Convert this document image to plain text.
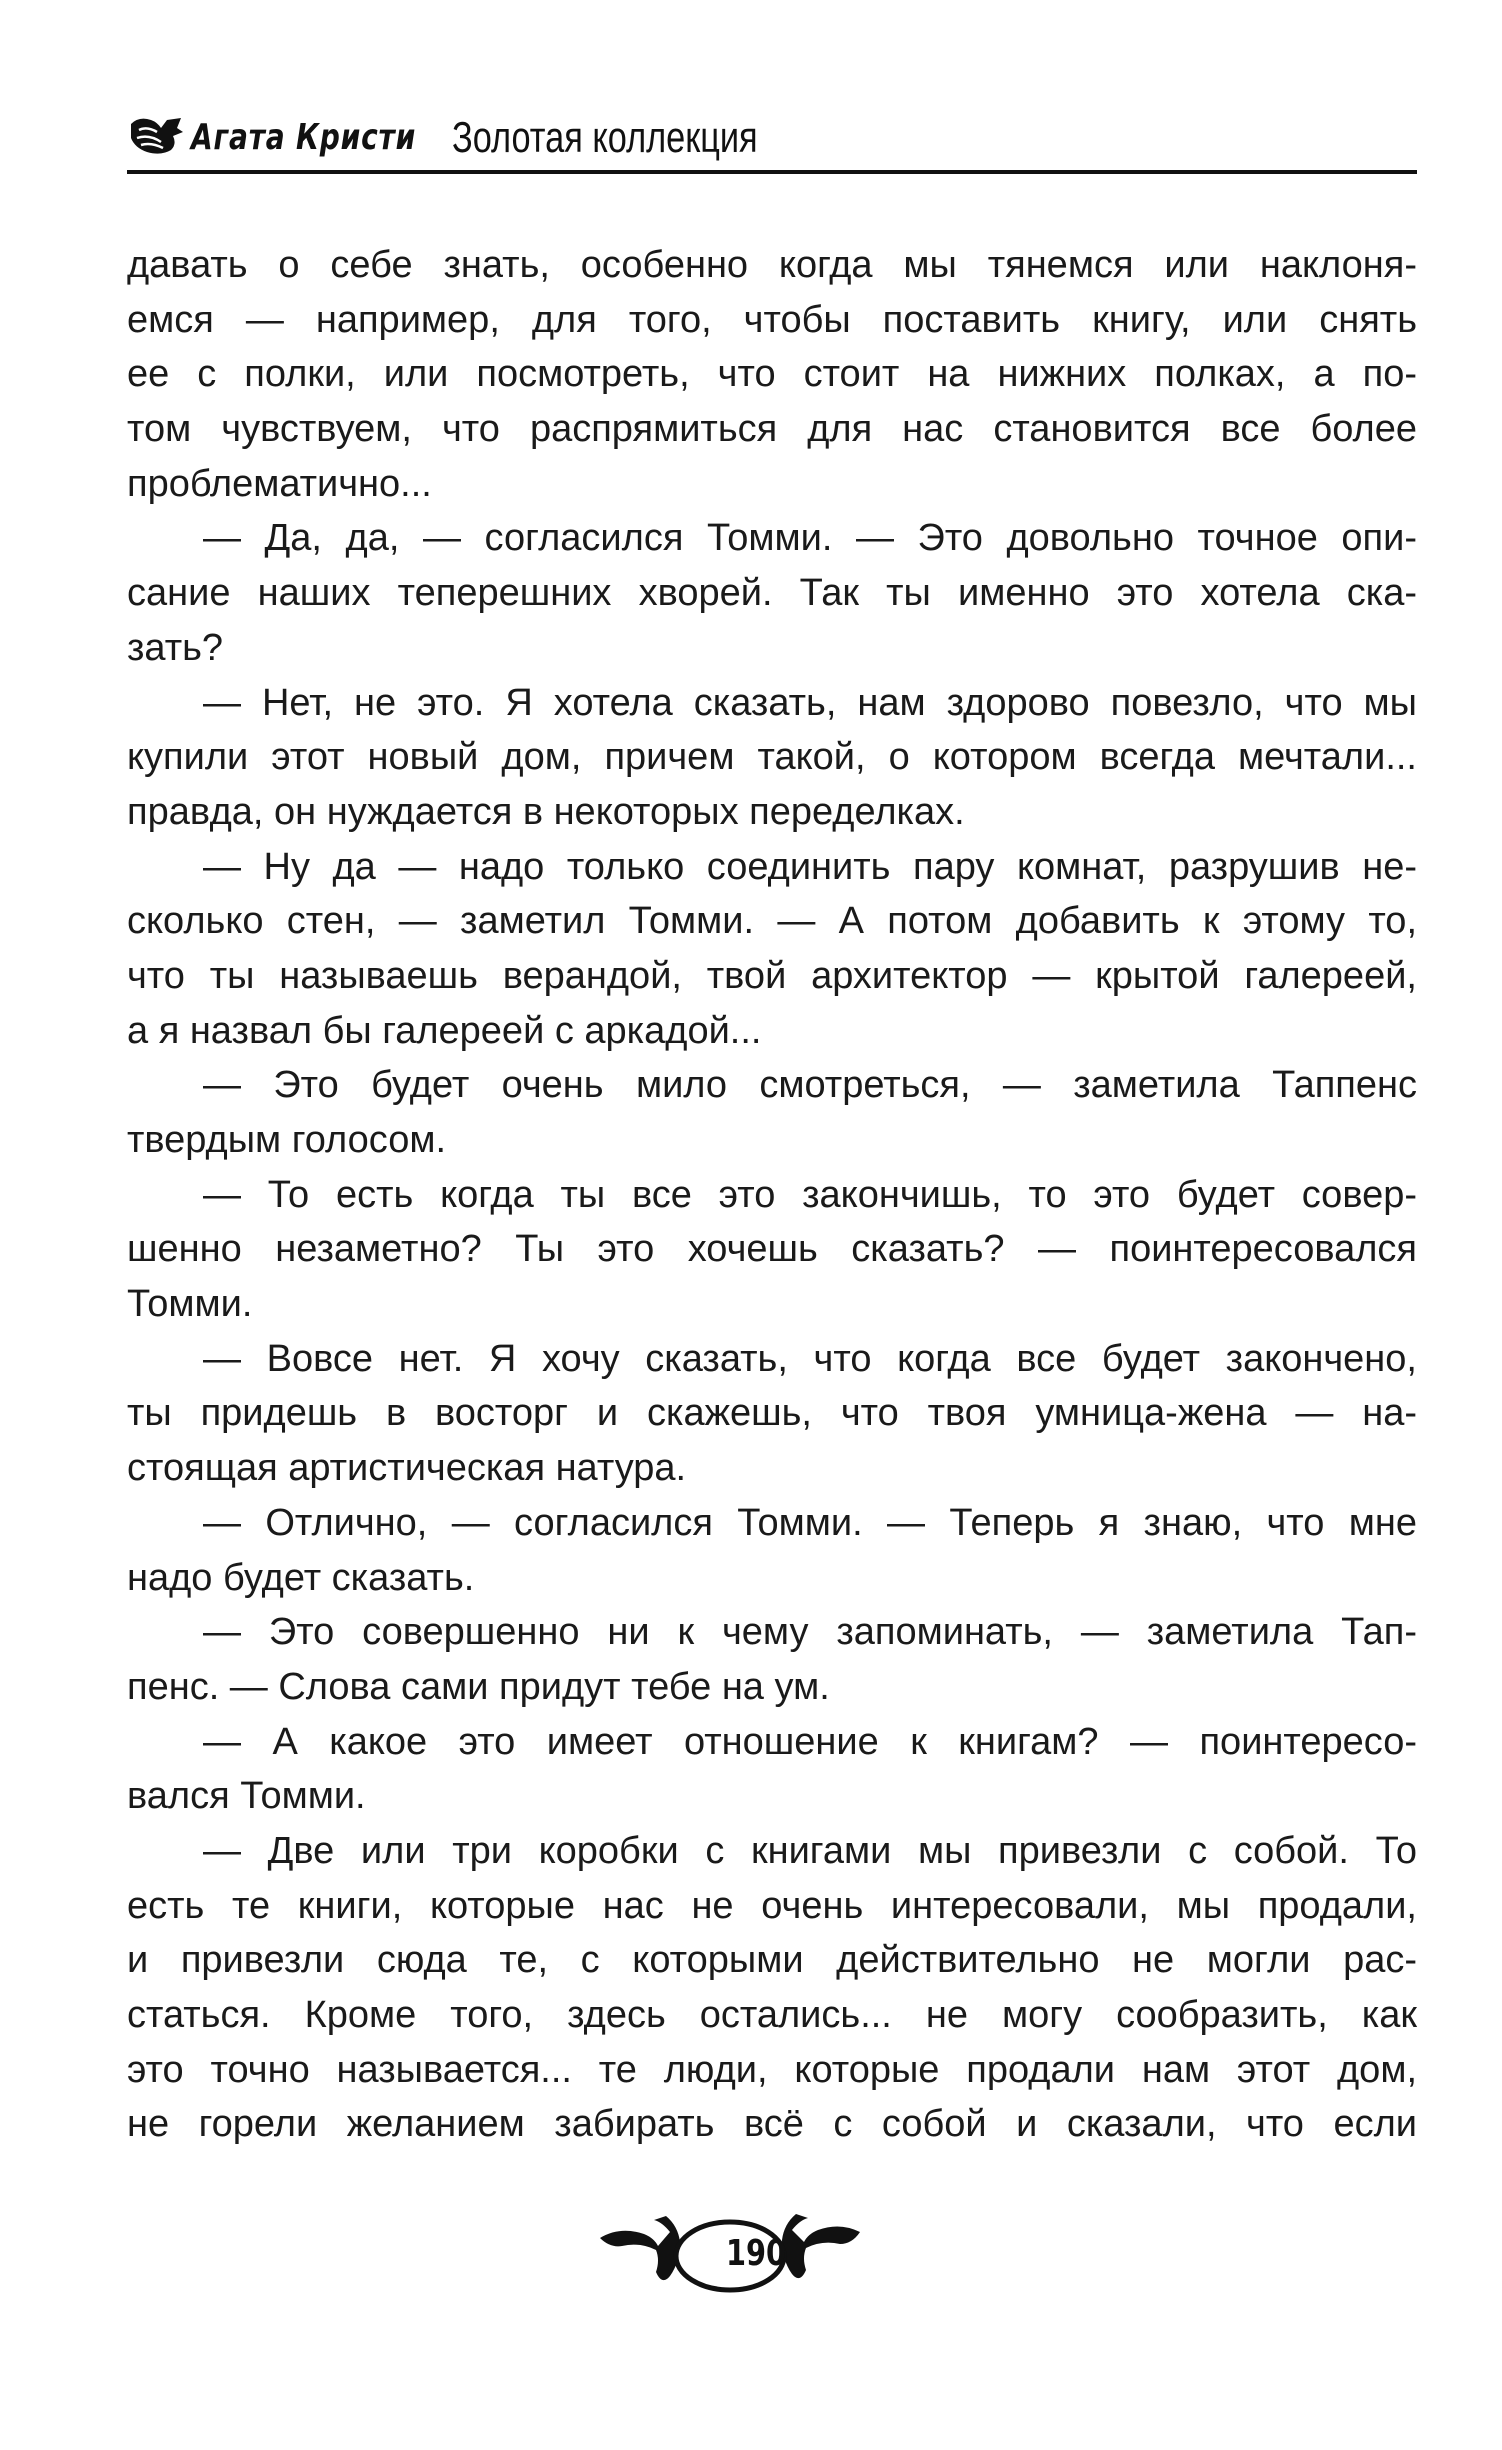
Агата Кристи Золотая коллекция
давать о себе знать, особенно когда мы тянемся или наклоня-
емся — например, для того, чтобы поставить книгу, или снять
ее с полки, или посмотреть, что стоит на нижних полках, а по-
том чувствуем, что распрямиться для нас становится все более
проблематично...
— Да, да, — согласился Томми. — Это довольно точное опи-
сание наших теперешних хворей. Так ты именно это хотела ска-
зать?
— Нет, не это. Я хотела сказать, нам здорово повезло, что мы
купили этот новый дом, причем такой, о котором всегда мечтали...
правда, он нуждается в некоторых переделках.
— Ну да — надо только соединить пару комнат, разрушив не-
сколько стен, — заметил Томми. — А потом добавить к этому то,
что ты называешь верандой, твой архитектор — крытой галереей,
а я назвал бы галереей с аркадой...
— Это будет очень мило смотреться, — заметила Таппенс
твердым голосом.
— То есть когда ты все это закончишь, то это будет совер-
шенно незаметно? Ты это хочешь сказать? — поинтересовался
Томми.
— Вовсе нет. Я хочу сказать, что когда все будет закончено,
ты придешь в восторг и скажешь, что твоя умница-жена — на-
стоящая артистическая натура.
— Отлично, — согласился Томми. — Теперь я знаю, что мне
надо будет сказать.
— Это совершенно ни к чему запоминать, — заметила Тап-
пенс. — Слова сами придут тебе на ум.
— А какое это имеет отношение к книгам? — поинтересо-
вался Томми.
— Две или три коробки с книгами мы привезли с собой. То
есть те книги, которые нас не очень интересовали, мы продали,
и привезли сюда те, с которыми действительно не могли рас-
статься. Кроме того, здесь остались... не могу сообразить, как
это точно называется... те люди, которые продали нам этот дом,
не горели желанием забирать всё с собой и сказали, что если
190
